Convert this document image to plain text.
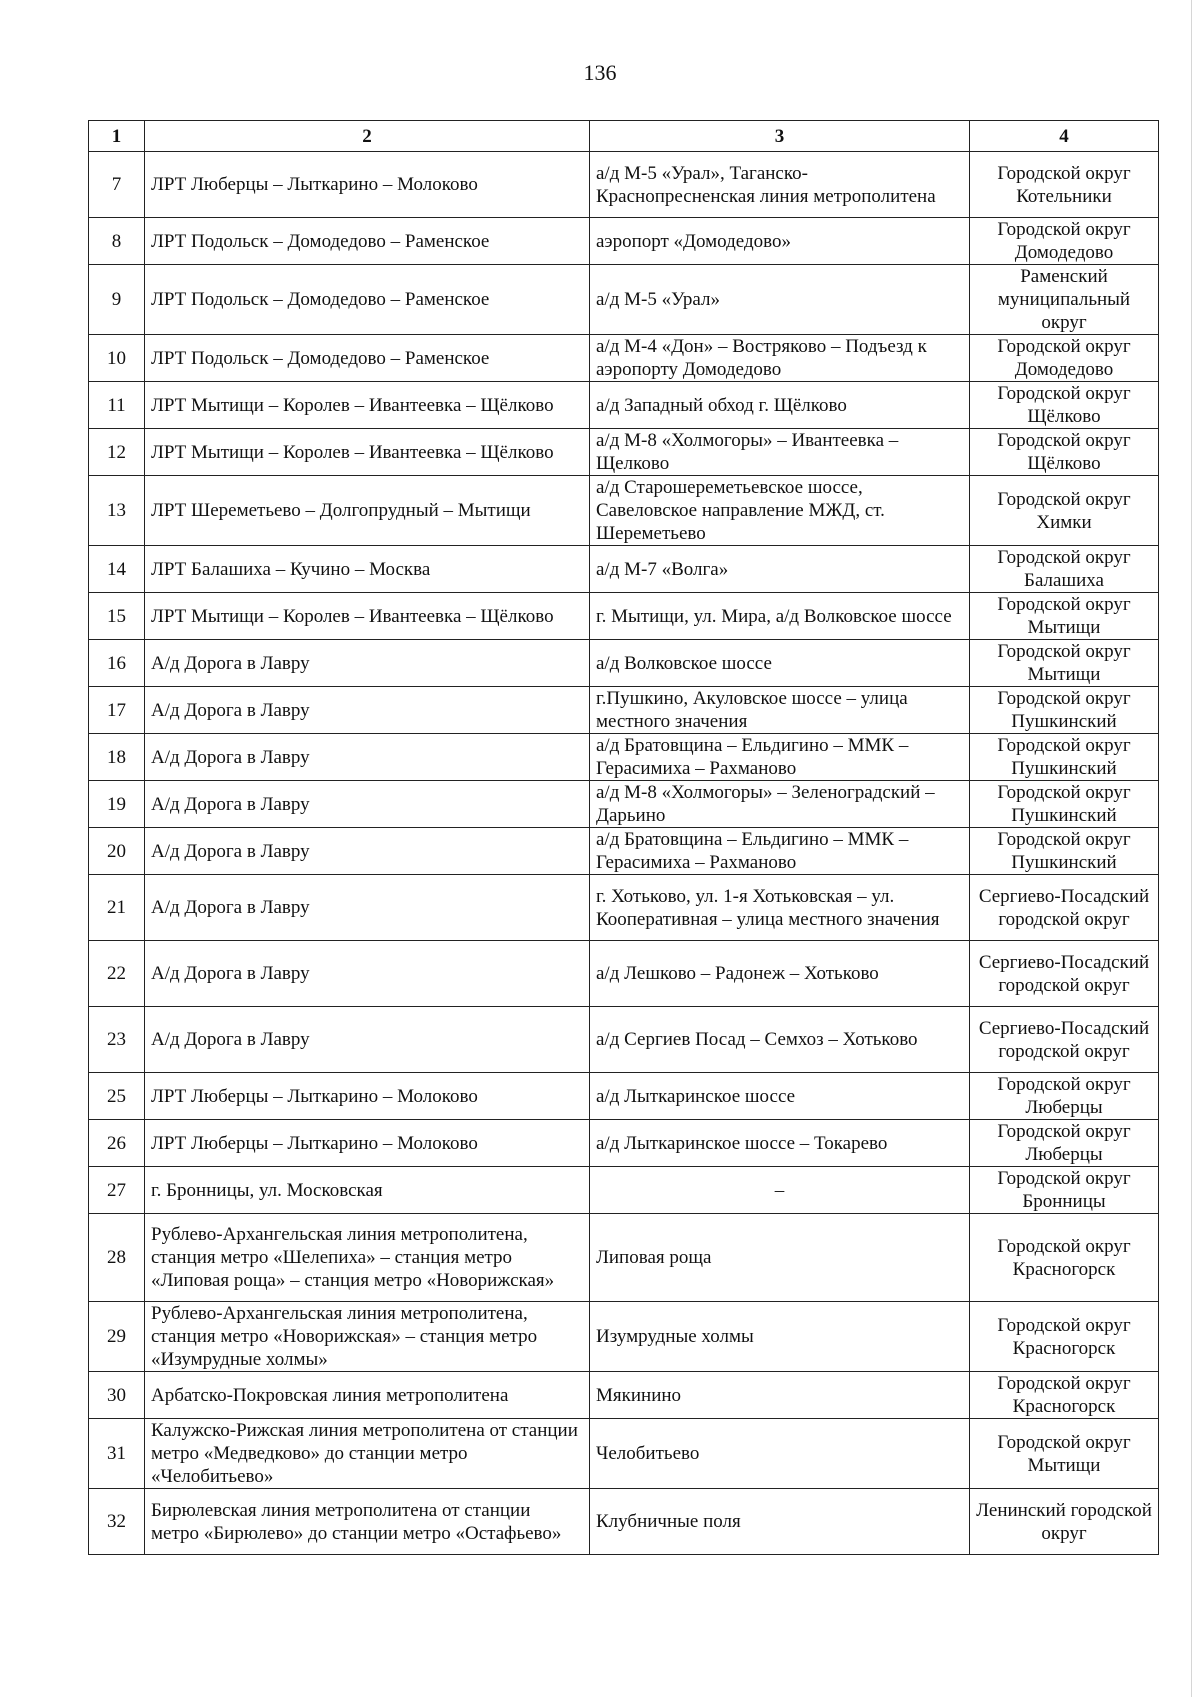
136
1	2	3	4
7	ЛРТ Люберцы – Лыткарино – Молоково	а/д М-5 «Урал», Таганско-Краснопресненская линия метрополитена	Городской округ Котельники
8	ЛРТ Подольск – Домодедово – Раменское	аэропорт «Домодедово»	Городской округ Домодедово
9	ЛРТ Подольск – Домодедово – Раменское	а/д М-5 «Урал»	Раменский муниципальный округ
10	ЛРТ Подольск – Домодедово – Раменское	а/д М-4 «Дон» – Востряково – Подъезд к аэропорту Домодедово	Городской округ Домодедово
11	ЛРТ Мытищи – Королев – Ивантеевка – Щёлково	а/д Западный обход г. Щёлково	Городской округ Щёлково
12	ЛРТ Мытищи – Королев – Ивантеевка – Щёлково	а/д М-8 «Холмогоры» – Ивантеевка – Щелково	Городской округ Щёлково
13	ЛРТ Шереметьево – Долгопрудный – Мытищи	а/д Старошереметьевское шоссе, Савеловское направление МЖД, ст. Шереметьево	Городской округ Химки
14	ЛРТ Балашиха – Кучино – Москва	а/д М-7 «Волга»	Городской округ Балашиха
15	ЛРТ Мытищи – Королев – Ивантеевка – Щёлково	г. Мытищи, ул. Мира, а/д Волковское шоссе	Городской округ Мытищи
16	А/д Дорога в Лавру	а/д Волковское шоссе	Городской округ Мытищи
17	А/д Дорога в Лавру	г.Пушкино, Акуловское шоссе – улица местного значения	Городской округ Пушкинский
18	А/д Дорога в Лавру	а/д Братовщина – Ельдигино – ММК – Герасимиха – Рахманово	Городской округ Пушкинский
19	А/д Дорога в Лавру	а/д М-8 «Холмогоры» – Зеленоградский – Дарьино	Городской округ Пушкинский
20	А/д Дорога в Лавру	а/д Братовщина – Ельдигино – ММК – Герасимиха – Рахманово	Городской округ Пушкинский
21	А/д Дорога в Лавру	г. Хотьково, ул. 1-я Хотьковская – ул. Кооперативная – улица местного значения	Сергиево-Посадский городской округ
22	А/д Дорога в Лавру	а/д Лешково – Радонеж – Хотьково	Сергиево-Посадский городской округ
23	А/д Дорога в Лавру	а/д Сергиев Посад – Семхоз – Хотьково	Сергиево-Посадский городской округ
25	ЛРТ Люберцы – Лыткарино – Молоково	а/д Лыткаринское шоссе	Городской округ Люберцы
26	ЛРТ Люберцы – Лыткарино – Молоково	а/д Лыткаринское шоссе – Токарево	Городской округ Люберцы
27	г. Бронницы, ул. Московская	–	Городской округ Бронницы
28	Рублево-Архангельская линия метрополитена, станция метро «Шелепиха» – станция метро «Липовая роща» – станция метро «Новорижская»	Липовая роща	Городской округ Красногорск
29	Рублево-Архангельская линия метрополитена, станция метро «Новорижская» – станция метро «Изумрудные холмы»	Изумрудные холмы	Городской округ Красногорск
30	Арбатско-Покровская линия метрополитена	Мякинино	Городской округ Красногорск
31	Калужско-Рижская линия метрополитена от станции метро «Медведково» до станции метро «Челобитьево»	Челобитьево	Городской округ Мытищи
32	Бирюлевская линия метрополитена от станции метро «Бирюлево» до станции метро «Остафьево»	Клубничные поля	Ленинский городской округ
